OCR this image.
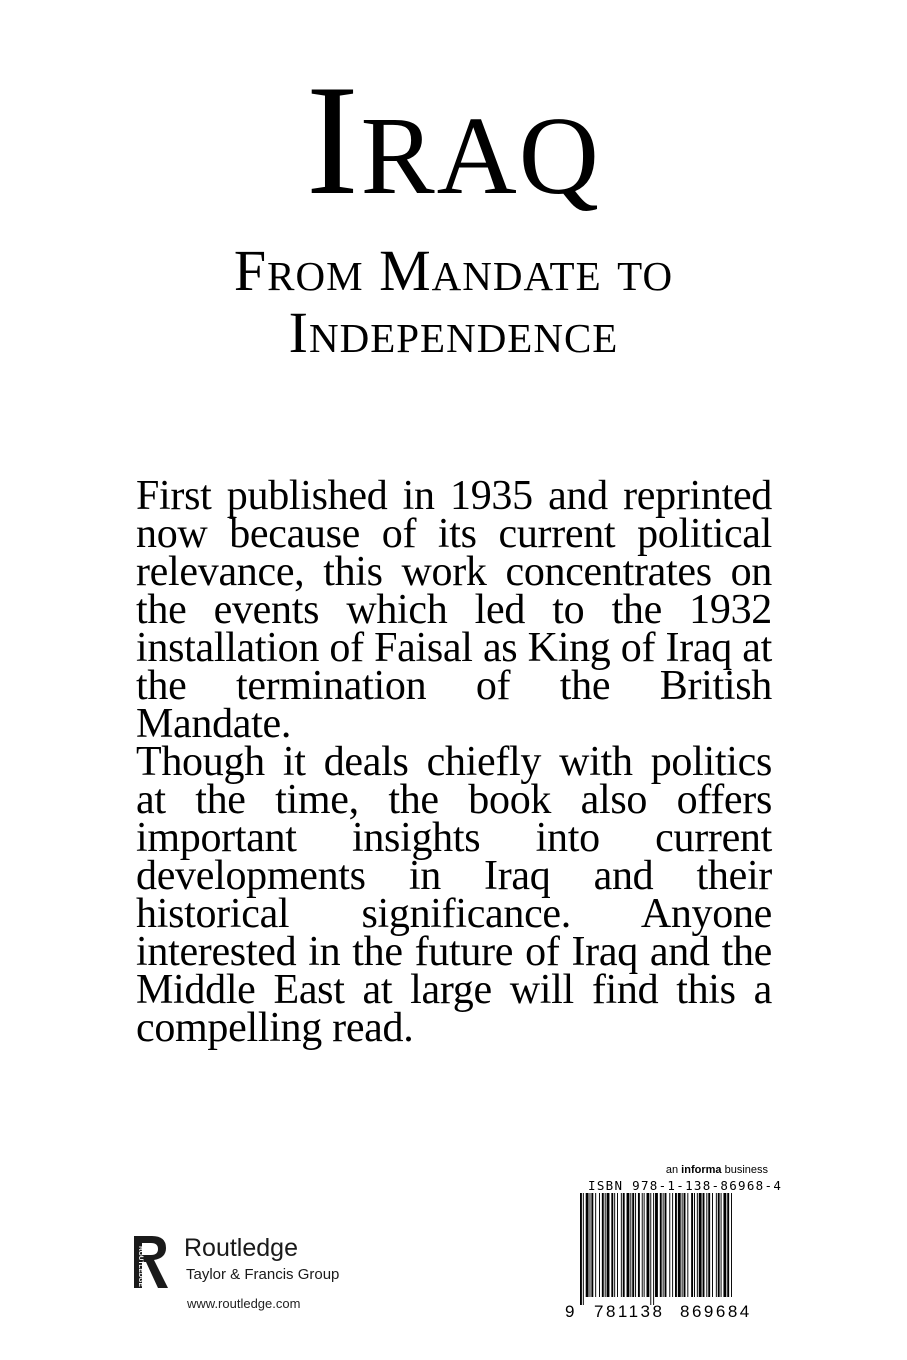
Iraq
From Mandate to
Independence

First published in 1935 and reprinted now because of its current political relevance, this work concentrates on the events which led to the 1932 installation of Faisal as King of Iraq at the termination of the British Mandate.

Though it deals chiefly with politics at the time, the book also offers important insights into current developments in Iraq and their historical significance. Anyone interested in the future of Iraq and the Middle East at large will find this a compelling read.

ROUTLEDGE Routledge
Taylor & Francis Group
www.routledge.com
an informa business
ISBN 978-1-138-86968-4
9 781138 869684
